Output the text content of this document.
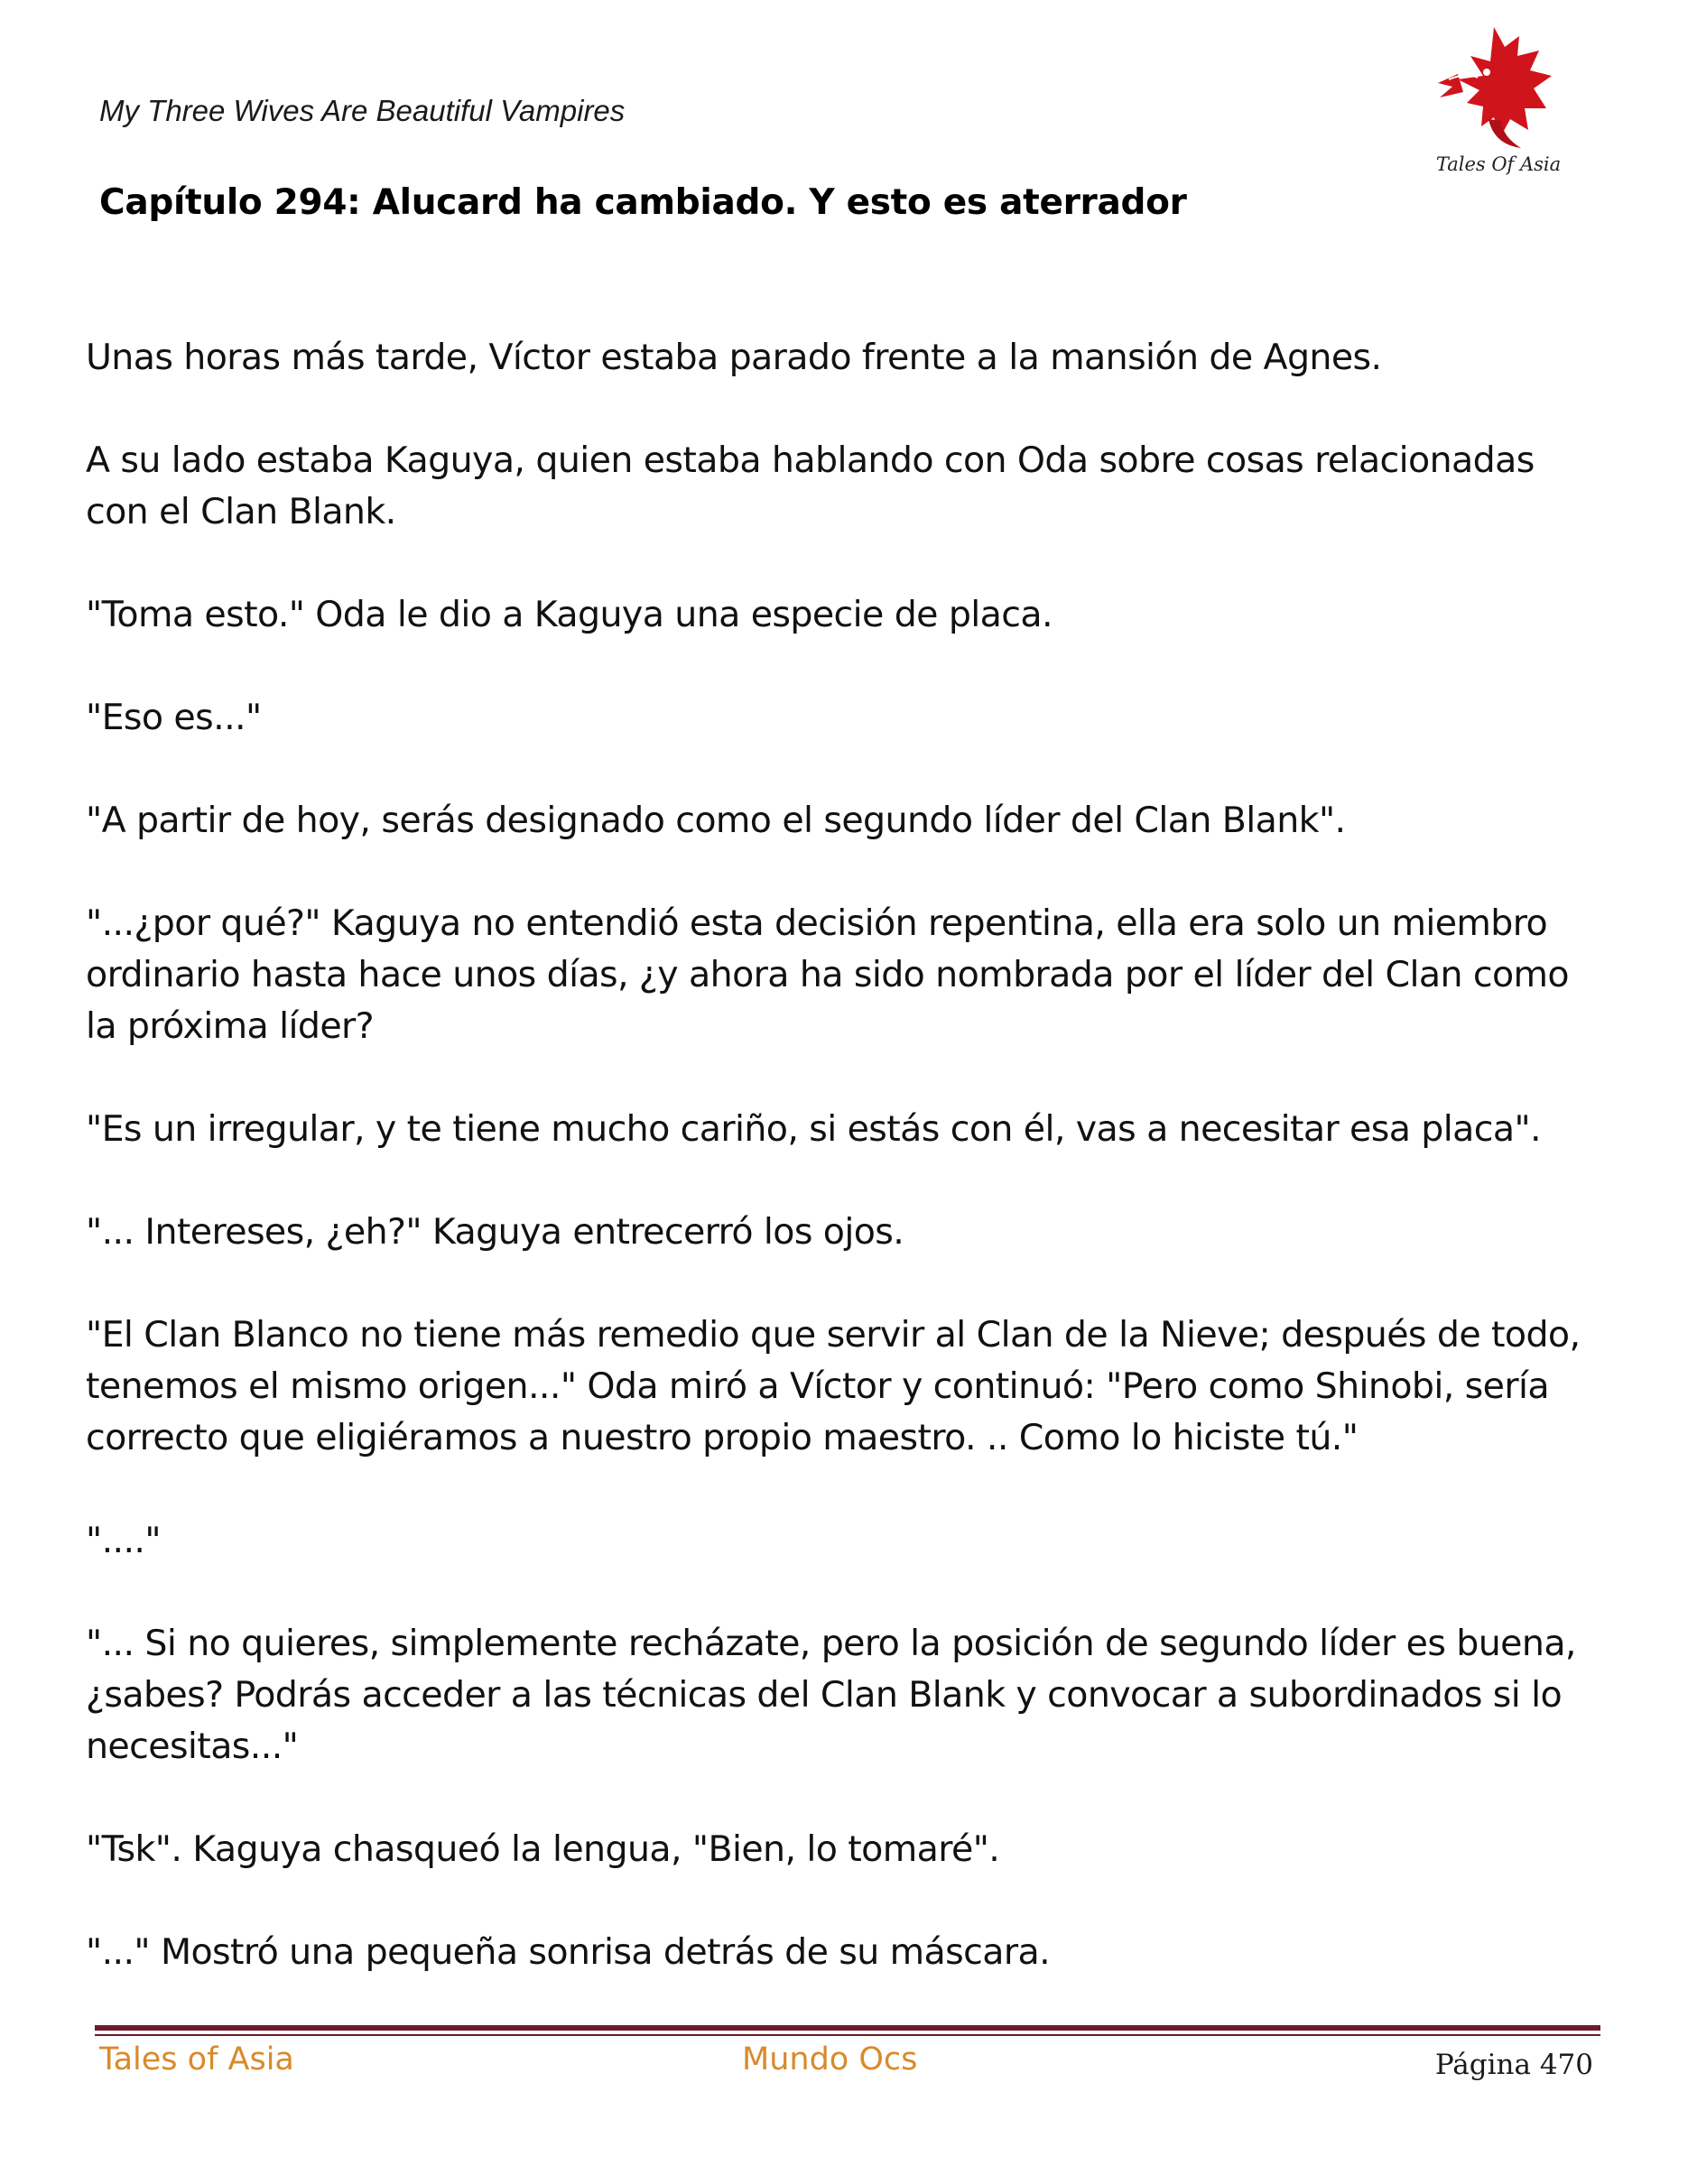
My Three Wives Are Beautiful Vampires
Tales Of Asia
Capítulo 294: Alucard ha cambiado. Y esto es aterrador

Unas horas más tarde, Víctor estaba parado frente a la mansión de Agnes.

A su lado estaba Kaguya, quien estaba hablando con Oda sobre cosas relacionadas con el Clan Blank.

"Toma esto." Oda le dio a Kaguya una especie de placa.

"Eso es..."

"A partir de hoy, serás designado como el segundo líder del Clan Blank".

"...¿por qué?" Kaguya no entendió esta decisión repentina, ella era solo un miembro ordinario hasta hace unos días, ¿y ahora ha sido nombrada por el líder del Clan como la próxima líder?

"Es un irregular, y te tiene mucho cariño, si estás con él, vas a necesitar esa placa".

"... Intereses, ¿eh?" Kaguya entrecerró los ojos.

"El Clan Blanco no tiene más remedio que servir al Clan de la Nieve; después de todo, tenemos el mismo origen..." Oda miró a Víctor y continuó: "Pero como Shinobi, sería correcto que eligiéramos a nuestro propio maestro. .. Como lo hiciste tú."

"...."

"... Si no quieres, simplemente recházate, pero la posición de segundo líder es buena, ¿sabes? Podrás acceder a las técnicas del Clan Blank y convocar a subordinados si lo necesitas..."

"Tsk". Kaguya chasqueó la lengua, "Bien, lo tomaré".

"..." Mostró una pequeña sonrisa detrás de su máscara.

Tales of Asia	Mundo Ocs	Página 470
